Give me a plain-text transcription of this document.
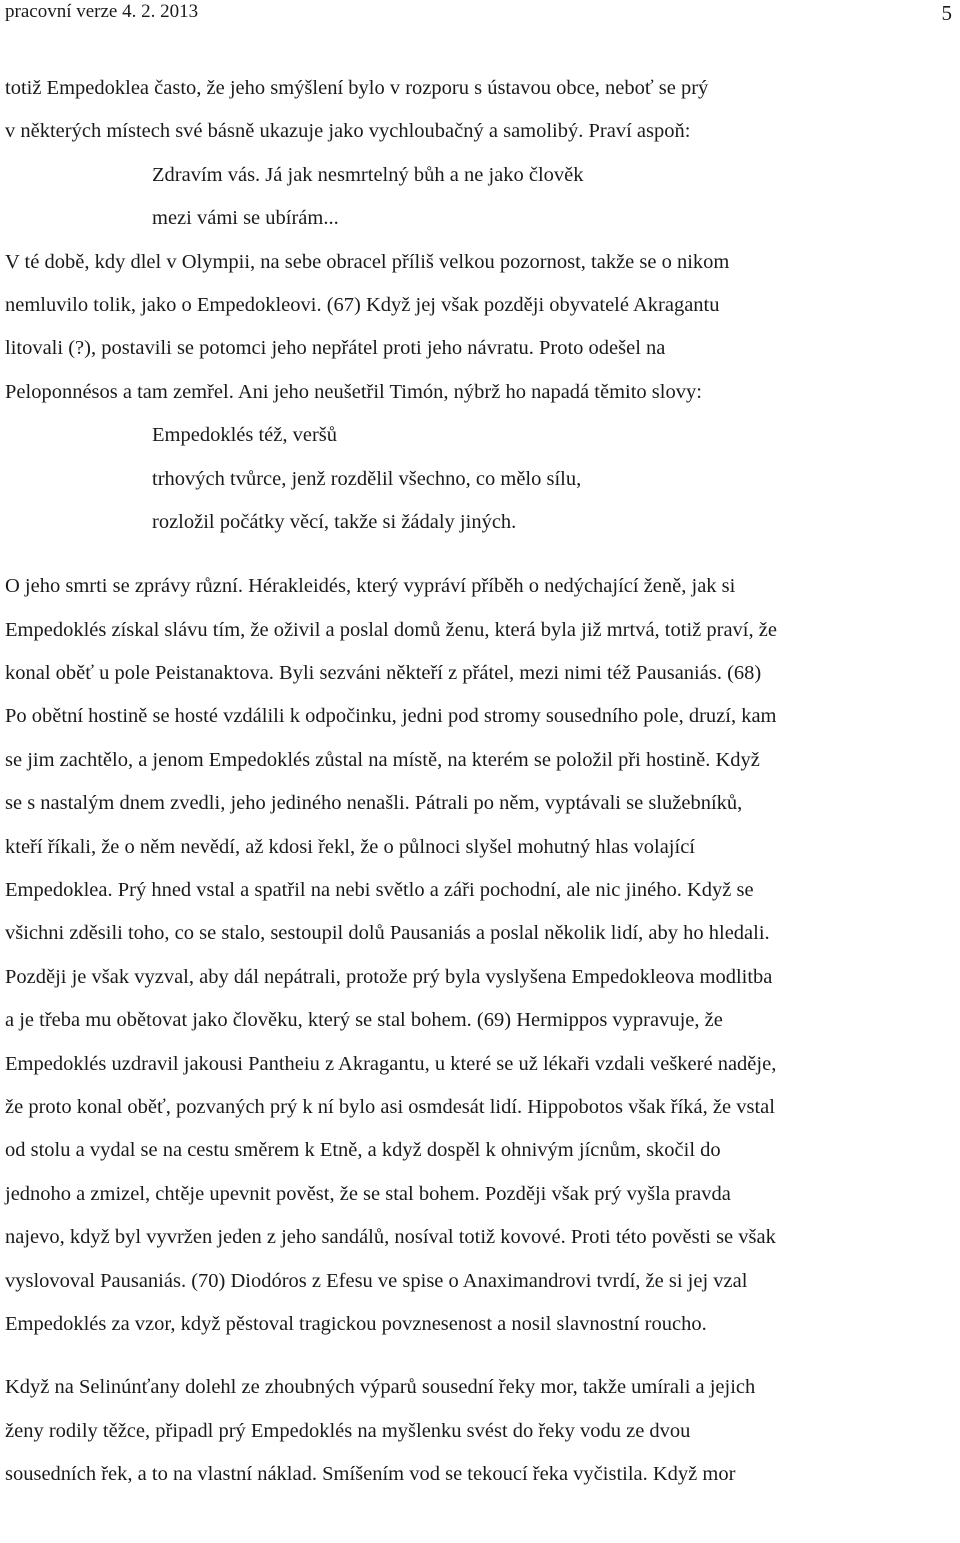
pracovní verze 4. 2. 2013	5
totiž Empedoklea často, že jeho smýšlení bylo v rozporu s ústavou obce, neboť se prý
v některých místech své básně ukazuje jako vychloubačný a samolibý. Praví aspoň:
Zdravím vás. Já jak nesmrtelný bůh a ne jako člověk
mezi vámi se ubírám...
V té době, kdy dlel v Olympii, na sebe obracel příliš velkou pozornost, takže se o nikom
nemluvilo tolik, jako o Empedokleovi. (67) Když jej však později obyvatelé Akragantu
litovali (?), postavili se potomci jeho nepřátel proti jeho návratu. Proto odešel na
Peloponnésos a tam zemřel. Ani jeho neušetřil Timón, nýbrž ho napadá těmito slovy:
Empedoklés též, veršů
trhových tvůrce, jenž rozdělil všechno, co mělo sílu,
rozložil počátky věcí, takže si žádaly jiných.
O jeho smrti se zprávy různí. Hérakleidés, který vypráví příběh o nedýchající ženě, jak si
Empedoklés získal slávu tím, že oživil a poslal domů ženu, která byla již mrtvá, totiž praví, že
konal oběť u pole Peistanaktova. Byli sezváni někteří z přátel, mezi nimi též Pausaniás. (68)
Po obětní hostině se hosté vzdálili k odpočinku, jedni pod stromy sousedního pole, druzí, kam
se jim zachtělo, a jenom Empedoklés zůstal na místě, na kterém se položil při hostině. Když
se s nastalým dnem zvedli, jeho jediného nenašli. Pátrali po něm, vyptávali se služebníků,
kteří říkali, že o něm nevědí, až kdosi řekl, že o půlnoci slyšel mohutný hlas volající
Empedoklea. Prý hned vstal a spatřil na nebi světlo a záři pochodní, ale nic jiného. Když se
všichni zděsili toho, co se stalo, sestoupil dolů Pausaniás a poslal několik lidí, aby ho hledali.
Později je však vyzval, aby dál nepátrali, protože prý byla vyslyšena Empedokleova modlitba
a je třeba mu obětovat jako člověku, který se stal bohem. (69) Hermippos vypravuje, že
Empedoklés uzdravil jakousi Pantheiu z Akragantu, u které se už lékaři vzdali veškeré naděje,
že proto konal oběť, pozvaných prý k ní bylo asi osmdesát lidí. Hippobotos však říká, že vstal
od stolu a vydal se na cestu směrem k Etně, a když dospěl k ohnivým jícnům, skočil do
jednoho a zmizel, chtěje upevnit pověst, že se stal bohem. Později však prý vyšla pravda
najevo, když byl vyvržen jeden z jeho sandálů, nosíval totiž kovové. Proti této pověsti se však
vyslovoval Pausaniás. (70) Diodóros z Efesu ve spise o Anaximandrovi tvrdí, že si jej vzal
Empedoklés za vzor, když pěstoval tragickou povznesenost a nosil slavnostní roucho.
Když na Selinúnťany dolehl ze zhoubných výparů sousední řeky mor, takže umírali a jejich
ženy rodily těžce, připadl prý Empedoklés na myšlenku svést do řeky vodu ze dvou
sousedních řek, a to na vlastní náklad. Smíšením vod se tekoucí řeka vyčistila. Když mor
